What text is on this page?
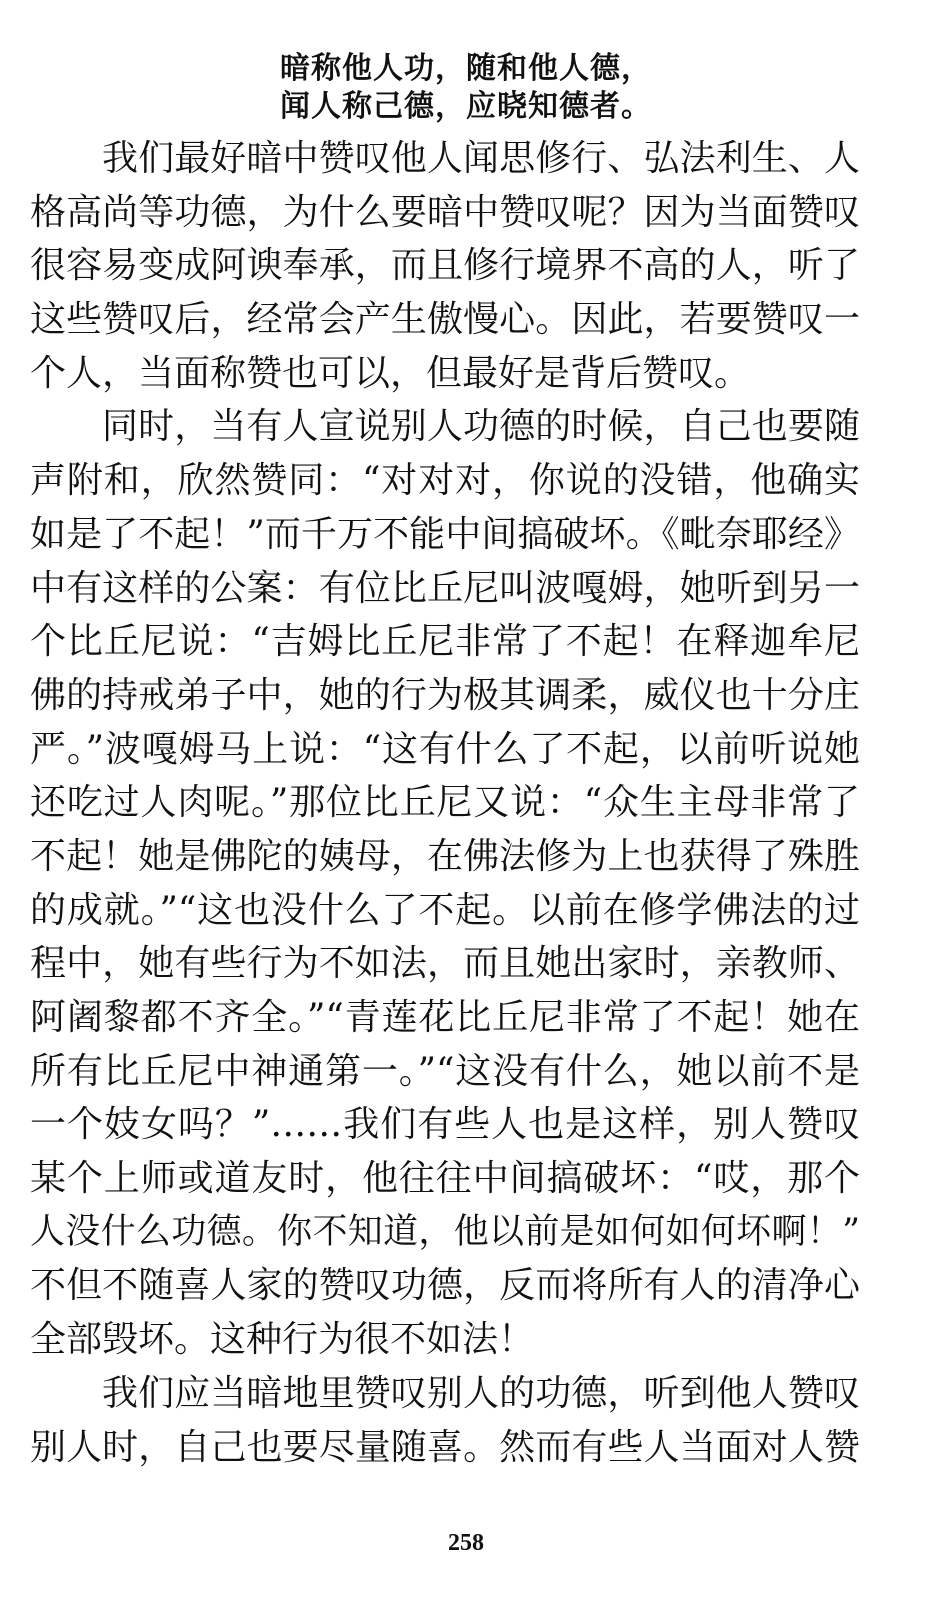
暗称他人功，随和他人德，
闻人称己德，应晓知德者。
我们最好暗中赞叹他人闻思修行、弘法利生、人
格高尚等功德，为什么要暗中赞叹呢？因为当面赞叹
很容易变成阿谀奉承，而且修行境界不高的人，听了
这些赞叹后，经常会产生傲慢心。因此，若要赞叹一
个人，当面称赞也可以，但最好是背后赞叹。
同时，当有人宣说别人功德的时候，自己也要随
声附和，欣然赞同：“对对对，你说的没错，他确实
如是了不起！”而千万不能中间搞破坏。《毗奈耶经》
中有这样的公案：有位比丘尼叫波嘎姆，她听到另一
个比丘尼说：“吉姆比丘尼非常了不起！在释迦牟尼
佛的持戒弟子中，她的行为极其调柔，威仪也十分庄
严。”波嘎姆马上说：“这有什么了不起，以前听说她
还吃过人肉呢。”那位比丘尼又说：“众生主母非常了
不起！她是佛陀的姨母，在佛法修为上也获得了殊胜
的成就。”“这也没什么了不起。以前在修学佛法的过
程中，她有些行为不如法，而且她出家时，亲教师、
阿阇黎都不齐全。”“青莲花比丘尼非常了不起！她在
所有比丘尼中神通第一。”“这没有什么，她以前不是
一个妓女吗？”……我们有些人也是这样，别人赞叹
某个上师或道友时，他往往中间搞破坏：“哎，那个
人没什么功德。你不知道，他以前是如何如何坏啊！”
不但不随喜人家的赞叹功德，反而将所有人的清净心
全部毁坏。这种行为很不如法！
我们应当暗地里赞叹别人的功德，听到他人赞叹
别人时，自己也要尽量随喜。然而有些人当面对人赞
258
